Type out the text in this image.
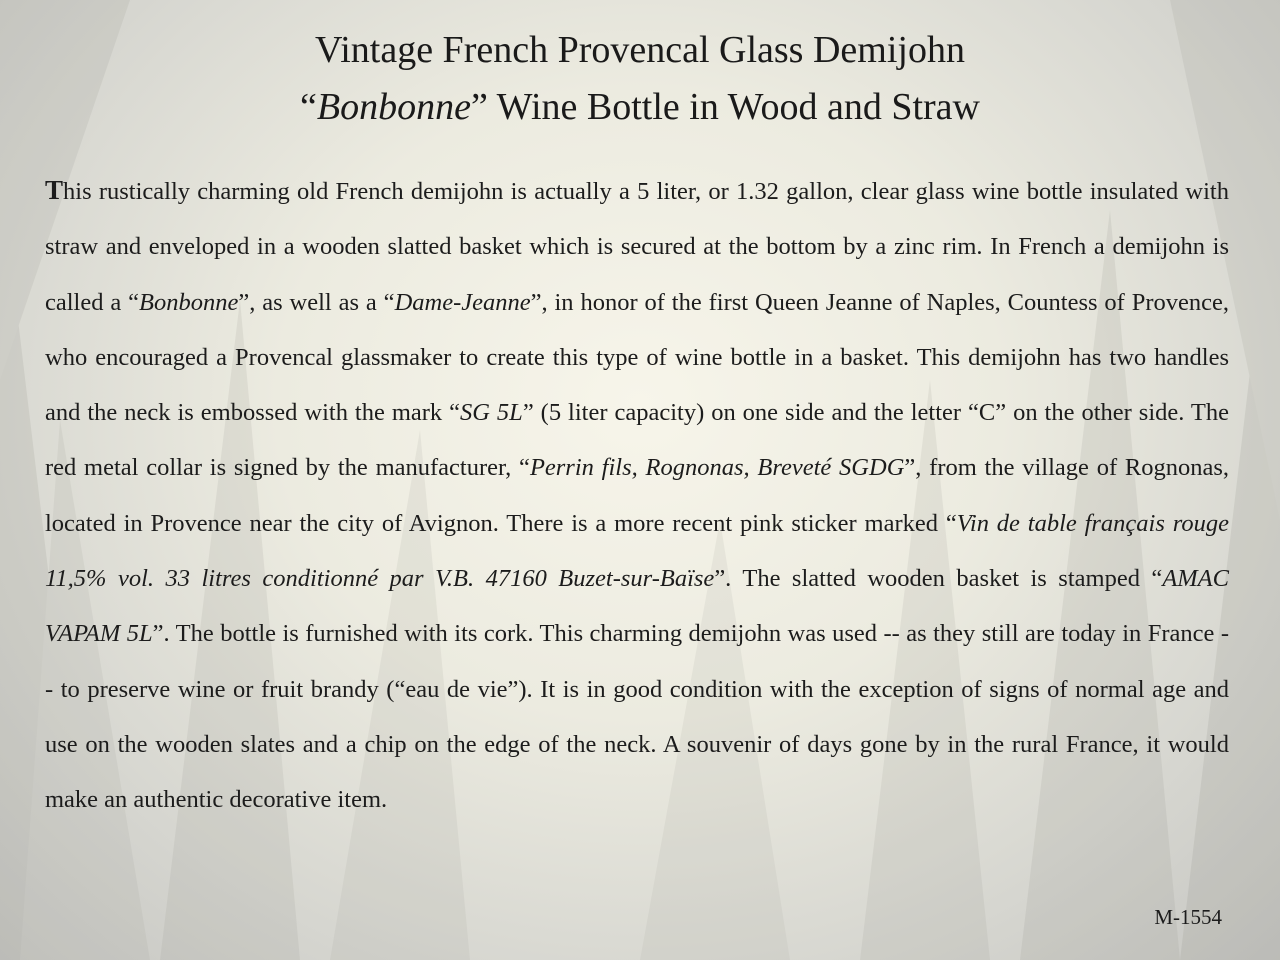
Vintage French Provencal Glass Demijohn
“Bonbonne” Wine Bottle in Wood and Straw

This rustically charming old French demijohn is actually a 5 liter, or 1.32 gallon, clear glass wine bottle insulated with straw and enveloped in a wooden slatted basket which is secured at the bottom by a zinc rim. In French a demijohn is called a “Bonbonne”, as well as a “Dame-Jeanne”, in honor of the first Queen Jeanne of Naples, Countess of Provence, who encouraged a Provencal glassmaker to create this type of wine bottle in a basket. This demijohn has two handles and the neck is embossed with the mark “SG 5L” (5 liter capacity) on one side and the letter “C” on the other side. The red metal collar is signed by the manufacturer, “Perrin fils, Rognonas, Breveté SGDG”, from the village of Rognonas, located in Provence near the city of Avignon. There is a more recent pink sticker marked “Vin de table français rouge 11,5% vol. 33 litres conditionné par V.B. 47160 Buzet-sur-Baïse”. The slatted wooden basket is stamped “AMAC VAPAM 5L”. The bottle is furnished with its cork. This charming demijohn was used -- as they still are today in France -- to preserve wine or fruit brandy (“eau de vie”). It is in good condition with the exception of signs of normal age and use on the wooden slates and a chip on the edge of the neck. A souvenir of days gone by in the rural France, it would make an authentic decorative item.

M-1554
